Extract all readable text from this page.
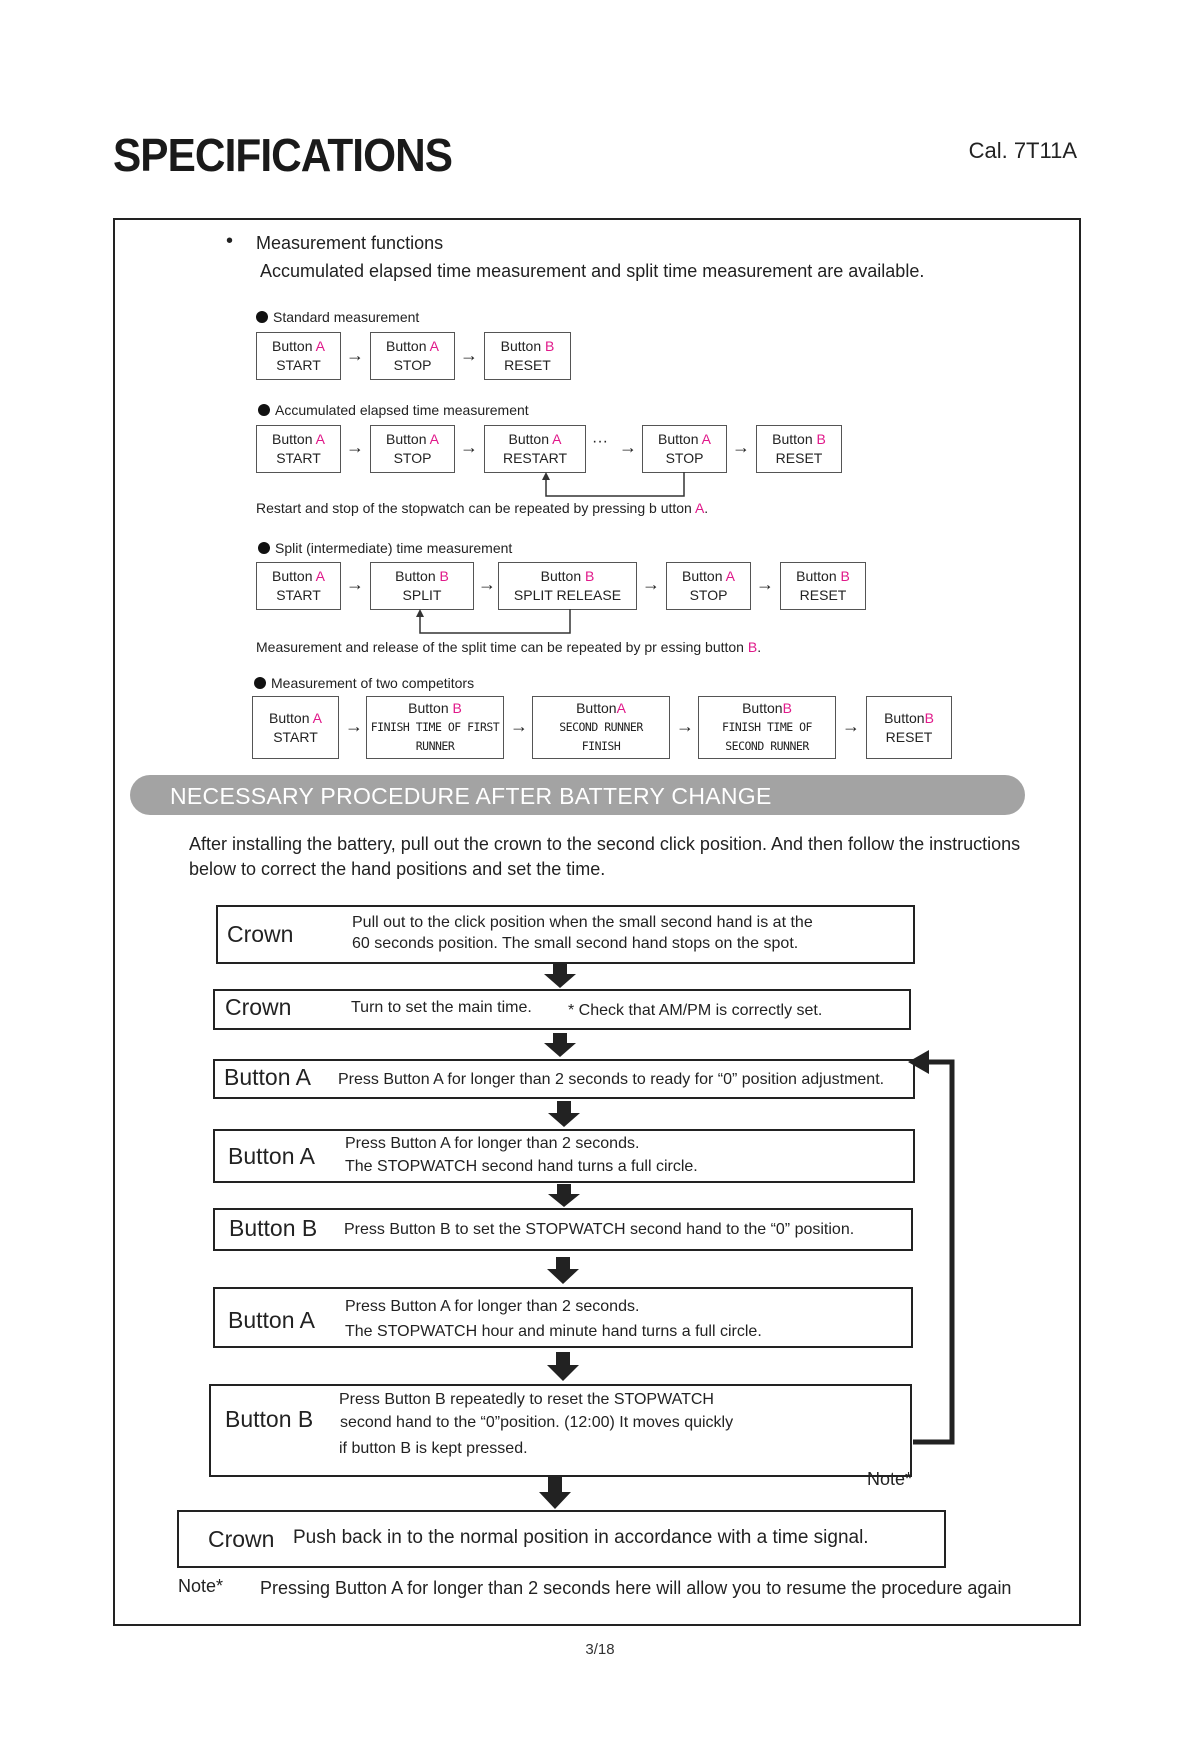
SPECIFICATIONS	Cal. 7T11A
• Measurement functions
Accumulated elapsed time measurement and split time measurement are available.
Standard measurement
Button A
START → Button A
STOP → Button B
RESET
Accumulated elapsed time measurement
Button A
START
→ Button A
STOP
→ Button A
RESTART
··· → Button A
STOP
→ Button B
RESET
Restart and stop of the stopwatch can be repeated by pressing b utton A.
Split (intermediate) time measurement
Button A
START
→ Button B
SPLIT
→	Button B
SPLIT RELEASE
→ Button A
STOP
→ Button B
RESET
Measurement and release of the split time can be repeated by pr essing button B.
Measurement of two competitors
Button A
START
→
Button B
FINISH TIME OF FIRST
RUNNER
→
ButtonA
SECOND RUNNER
FINISH
→
ButtonB
FINISH TIME OF
SECOND RUNNER
→ ButtonB
RESET
NECESSARY PROCEDURE AFTER BATTERY CHANGE
After installing the battery, pull out the crown to the second click position. And then follow the instructions below to correct the hand positions and set the time.
Crown	Pull out to the click position when the small second hand is at the
60 seconds position. The small second hand stops on the spot.
Crown	Turn to set the main time. * Check that AM/PM is correctly set.
Button A Press Button A for longer than 2 seconds to ready for “0” position adjustment.
Button A Press Button A for longer than 2 seconds.
The STOPWATCH second hand turns a full circle.
Button B Press Button B to set the STOPWATCH second hand to the “0” position.
Button A
Press Button A for longer than 2 seconds.
The STOPWATCH hour and minute hand turns a full circle.
Button B
Press Button B repeatedly to reset the STOPWATCH
second hand to the “0”position. (12:00) It moves quickly
if button B is kept pressed.
Crown Push back in to the normal position in accordance with a time signal.
Note*
Note* Pressing Button A for longer than 2 seconds here will allow you to resume the procedure again
3/18
